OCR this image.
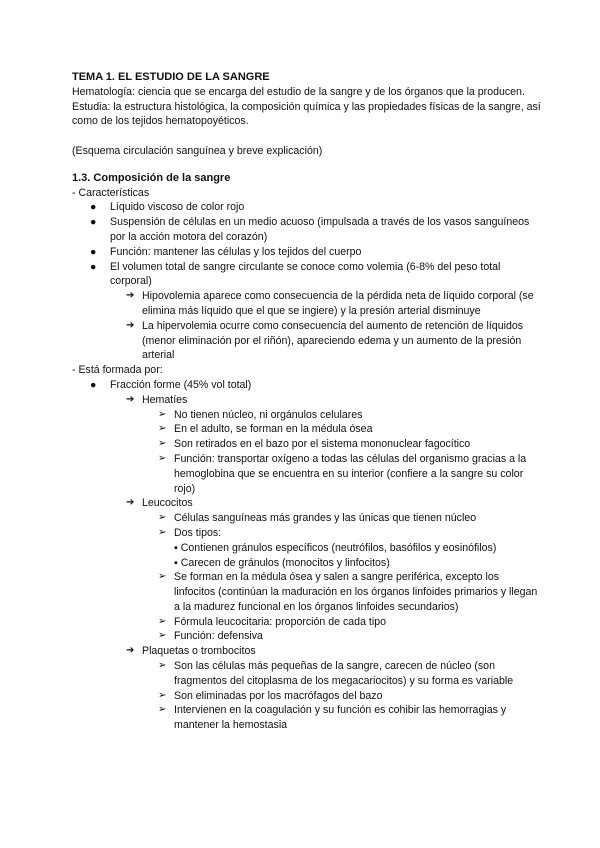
TEMA 1. EL ESTUDIO DE LA SANGRE

Hematología: ciencia que se encarga del estudio de la sangre y de los órganos que la producen. Estudia: la estructura histológica, la composición química y las propiedades físicas de la sangre, así como de los tejidos hematopoyéticos.

(Esquema circulación sanguínea y breve explicación)

1.3. Composición de la sangre

- Características

● Líquido viscoso de color rojo
● Suspensión de células en un medio acuoso (impulsada a través de los vasos sanguíneos por la acción motora del corazón)
● Función: mantener las células y los tejidos del cuerpo
● El volumen total de sangre circulante se conoce como volemia (6-8% del peso total corporal)
➔ Hipovolemia aparece como consecuencia de la pérdida neta de líquido corporal (se elimina más líquido que el que se ingiere) y la presión arterial disminuye
➔ La hipervolemia ocurre como consecuencia del aumento de retención de líquidos (menor eliminación por el riñón), apareciendo edema y un aumento de la presión arterial

- Está formada por:

● Fracción forme (45% vol total)
➔ Hematíes
➢ No tienen núcleo, ni orgánulos celulares
➢ En el adulto, se forman en la médula ósea
➢ Son retirados en el bazo por el sistema mononuclear fagocítico
➢ Función: transportar oxígeno a todas las células del organismo gracias a la hemoglobina que se encuentra en su interior (confiere a la sangre su color rojo)
➔ Leucocitos
➢ Células sanguíneas más grandes y las únicas que tienen núcleo
➢ Dos tipos:
▪ Contienen gránulos específicos (neutrófilos, basófilos y eosinófilos)
▪ Carecen de gránulos (monocitos y linfocitos)
➢ Se forman en la médula ósea y salen a sangre periférica, excepto los linfocitos (continúan la maduración en los órganos linfoides primarios y llegan a la madurez funcional en los órganos linfoides secundarios)
➢ Fórmula leucocitaria: proporción de cada tipo
➢ Función: defensiva
➔ Plaquetas o trombocitos
➢ Son las células más pequeñas de la sangre, carecen de núcleo (son fragmentos del citoplasma de los megacariocitos) y su forma es variable
➢ Son eliminadas por los macrófagos del bazo
➢ Intervienen en la coagulación y su función es cohibir las hemorragias y mantener la hemostasia
